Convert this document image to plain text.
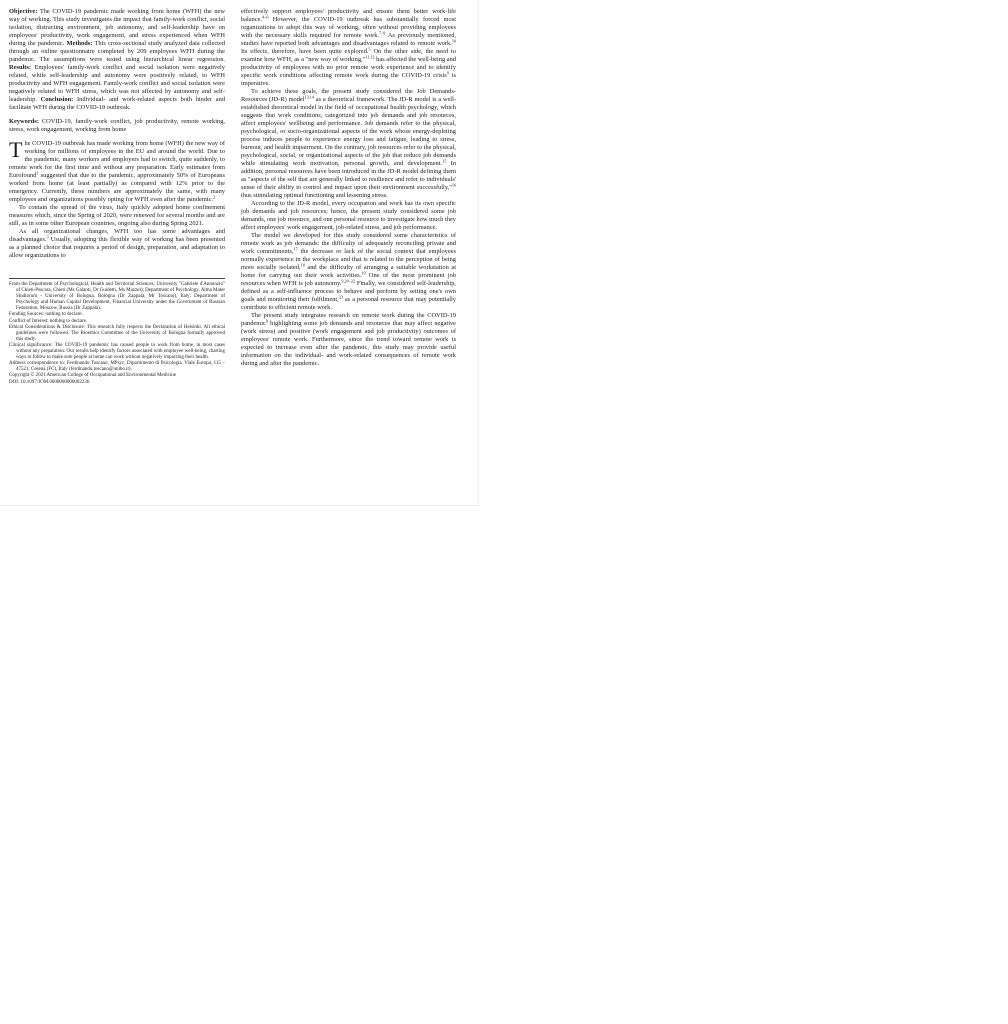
Objective: The COVID-19 pandemic made working from home (WFH) the new way of working. This study investigates the impact that family-work conflict, social isolation, distracting environment, job autonomy, and self-leadership have on employees' productivity, work engagement, and stress experienced when WFH during the pandemic. Methods: This cross-sectional study analyzed data collected through an online questionnaire completed by 209 employees WFH during the pandemic. The assumptions were tested using hierarchical linear regression. Results: Employees' family-work conflict and social isolation were negatively related, while self-leadership and autonomy were positively related, to WFH productivity and WFH engagement. Family-work conflict and social isolation were negatively related to WFH stress, which was not affected by autonomy and self-leadership. Conclusion: Individual- and work-related aspects both hinder and facilitate WFH during the COVID-19 outbreak.

Keywords: COVID-19, family-work conflict, job productivity, remote working, stress, work engagement, working from home

The COVID-19 outbreak has made working from home (WFH) the new way of working for millions of employees in the EU and around the world. Due to the pandemic, many workers and employers had to switch, quite suddenly, to remote work for the first time and without any preparation. Early estimates from Eurofound$^1$ suggested that due to the pandemic, approximately 50% of Europeans worked from home (at least partially) as compared with 12% prior to the emergency. Currently, these numbers are approximately the same, with many employees and organizations possibly opting for WFH even after the pandemic.$^2$

To contain the spread of the virus, Italy quickly adopted home confinement measures which, since the Spring of 2020, were renewed for several months and are still, as in some other European countries, ongoing also during Spring 2021.

As all organizational changes, WFH too has some advantages and disadvantages.$^3$ Usually, adopting this flexible way of working has been presented as a planned choice that requires a period of design, preparation, and adaptation to allow organizations to

From the Department of Psychological, Health and Territorial Sciences, University "Gabriele d'Annunzio" of Chieti-Pescara, Chieti (Ms Galanti, Dr Guidetti, Ms Mazzei); Department of Psychology, Alma Mater Studiorum - University of Bologna, Bologna (Dr Zappalà, Mr Toscano), Italy; Department of Psychology and Human Capital Development, Financial University under the Government of Russian Federation, Moscow, Russia (Dr Zappalà).

Funding Sources: nothing to declare.

Conflict of Interest: nothing to declare.

Ethical Considerations & Disclosure: This research fully respects the Declaration of Helsinki. All ethical guidelines were followed. The Bioethics Committee of the University of Bologna formally approved this study.

Clinical significance: The COVID-19 pandemic has caused people to work from home, in most cases without any preparation. Our results help identify factors associated with employee well-being, charting ways to follow to make sure people at home can work without negatively impacting their health.

Address correspondence to: Ferdinando Toscano, MPsyc, Dipartimento di Psicologia, Viale Europa, 115 – 47521, Cesena (FC), Italy (ferdinando.toscano@unibo.it).

Copyright © 2021 American College of Occupational and Environmental Medicine

DOI: 10.1097/JOM.0000000000002236

effectively support employees' productivity and ensure them better work-life balance.$^{4-6}$ However, the COVID-19 outbreak has substantially forced most organizations to adopt this way of working, often without providing employees with the necessary skills required for remote work.$^{7-9}$ As previously mentioned, studies have reported both advantages and disadvantages related to remote work.$^{10}$ Its effects, therefore, have been quite explored.$^5$ On the other side, the need to examine how WFH, as a "new way of working,"$^{11,12}$ has affected the well-being and productivity of employees with no prior remote work experience and to identify specific work conditions affecting remote work during the COVID-19 crisis$^9$ is imperative.

To achieve these goals, the present study considered the Job Demands-Resources (JD-R) model$^{13,14}$ as a theoretical framework. The JD-R model is a well-established theoretical model in the field of occupational health psychology, which suggests that work conditions, categorized into job demands and job resources, affect employees' wellbeing and performance. Job demands refer to the physical, psychological, or socio-organizational aspects of the work whose energy-depleting process induces people to experience energy loss and fatigue, leading to stress, burnout, and health impairment. On the contrary, job resources refer to the physical, psychological, social, or organizational aspects of the job that reduce job demands while stimulating work motivation, personal growth, and development.$^{15}$ In addition, personal resources have been introduced in the JD-R model defining them as "aspects of the self that are generally linked to resilience and refer to individuals' sense of their ability to control and impact upon their environment successfully,"$^{16}$ thus stimulating optimal functioning and lessening stress.

According to the JD-R model, every occupation and work has its own specific job demands and job resources; hence, the present study considered some job demands, one job resource, and one personal resource to investigate how much they affect employees' work engagement, job-related stress, and job performance.

The model we developed for this study considered some characteristics of remote work as job demands: the difficulty of adequately reconciling private and work commitments,$^{17}$ the decrease or lack of the social context that employees normally experience in the workplace and that is related to the perception of being more socially isolated,$^{18}$ and the difficulty of arranging a suitable workstation at home for carrying out their work activities.$^{19}$ One of the most prominent job resources when WFH is job autonomy.$^{9,20-22}$ Finally, we considered self-leadership, defined as a self-influence process to behave and perform by setting one's own goals and monitoring their fulfilment,$^{23}$ as a personal resource that may potentially contribute to efficient remote work.

The present study integrates research on remote work during the COVID-19 pandemic$^9$ highlighting some job demands and resources that may affect negative (work stress) and positive (work engagement and job productivity) outcomes of employees' remote work. Furthermore, since the trend toward remote work is expected to increase even after the pandemic, this study may provide useful information on the individual- and work-related consequences of remote work during and after the pandemic.
